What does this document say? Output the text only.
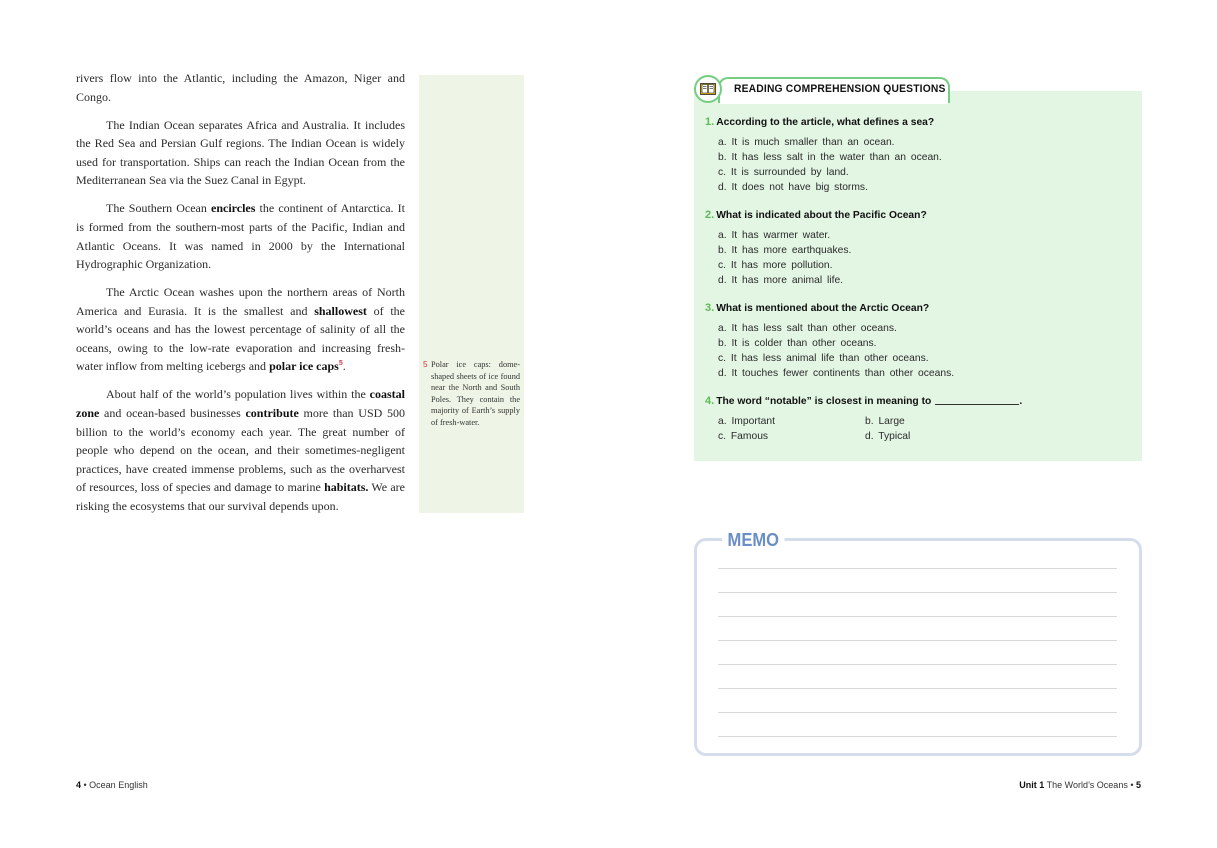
rivers flow into the Atlantic, including the Amazon, Niger and Congo.

The Indian Ocean separates Africa and Australia. It includes the Red Sea and Persian Gulf regions. The Indian Ocean is widely used for transportation. Ships can reach the Indian Ocean from the Mediterranean Sea via the Suez Canal in Egypt.

The Southern Ocean encircles the continent of Antarctica. It is formed from the southern-most parts of the Pacific, Indian and Atlantic Oceans. It was named in 2000 by the International Hydrographic Organization.

The Arctic Ocean washes upon the northern areas of North America and Eurasia. It is the smallest and shallowest of the world’s oceans and has the lowest percentage of salinity of all the oceans, owing to the low-rate evaporation and increasing fresh-water inflow from melting icebergs and polar ice caps$^5$.

About half of the world’s population lives within the coastal zone and ocean-based businesses contribute more than USD 500 billion to the world’s economy each year. The great number of people who depend on the ocean, and their sometimes-negligent practices, have created immense problems, such as the overharvest of resources, loss of species and damage to marine habitats. We are risking the ecosystems that our survival depends upon.

5 Polar ice caps: dome-shaped sheets of ice found near the North and South Poles. They contain the majority of Earth’s supply of fresh-water.
4 • Ocean English
READING COMPREHENSION QUESTIONS
1. According to the article, what defines a sea?
a. It is much smaller than an ocean.
b. It has less salt in the water than an ocean.
c. It is surrounded by land.
d. It does not have big storms.
2. What is indicated about the Pacific Ocean?
a. It has warmer water.
b. It has more earthquakes.
c. It has more pollution.
d. It has more animal life.
3. What is mentioned about the Arctic Ocean?
a. It has less salt than other oceans.
b. It is colder than other oceans.
c. It has less animal life than other oceans.
d. It touches fewer continents than other oceans.
4. The word “notable” is closest in meaning to	.
a. Important	b. Large
c. Famous	d. Typical
MEMO
Unit 1 The World’s Oceans • 5
